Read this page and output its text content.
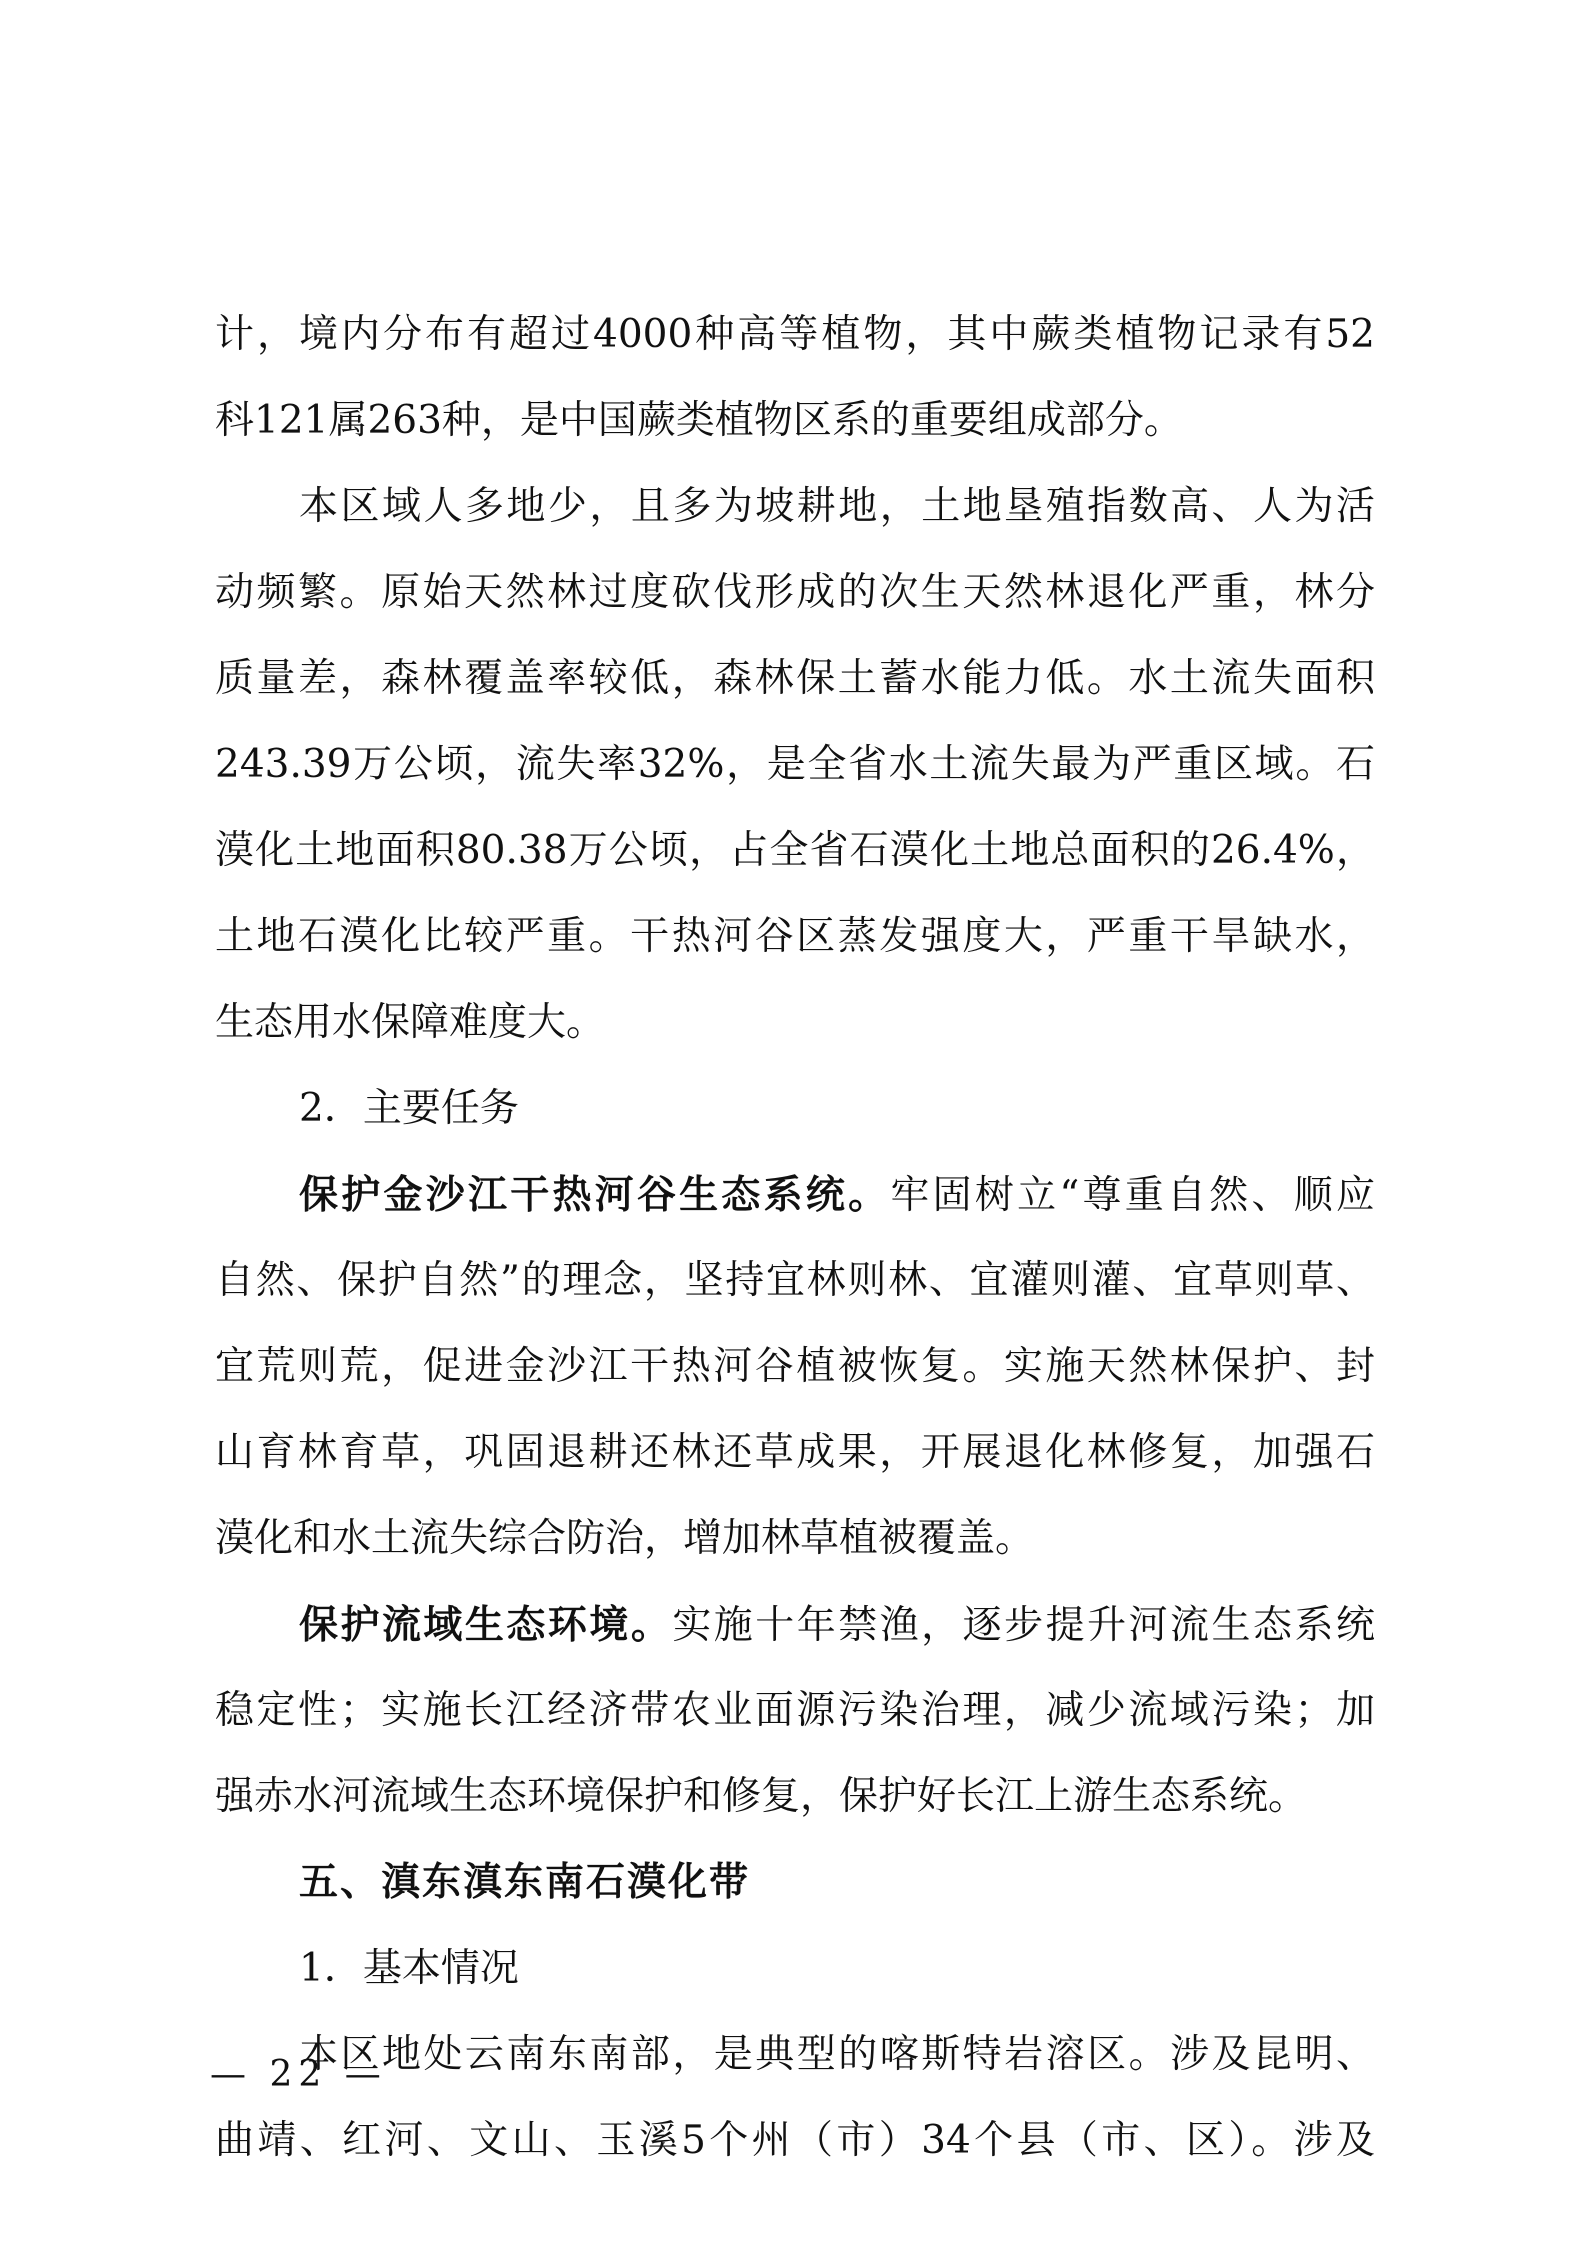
计，境内分布有超过4000种高等植物，其中蕨类植物记录有52
科121属263种，是中国蕨类植物区系的重要组成部分。
本区域人多地少，且多为坡耕地，土地垦殖指数高、人为活
动频繁。原始天然林过度砍伐形成的次生天然林退化严重，林分
质量差，森林覆盖率较低，森林保土蓄水能力低。水土流失面积
243.39万公顷，流失率32%，是全省水土流失最为严重区域。石
漠化土地面积80.38万公顷，占全省石漠化土地总面积的26.4%，
土地石漠化比较严重。干热河谷区蒸发强度大，严重干旱缺水，
生态用水保障难度大。
2．主要任务
保护金沙江干热河谷生态系统。牢固树立“尊重自然、顺应
自然、保护自然”的理念，坚持宜林则林、宜灌则灌、宜草则草、
宜荒则荒，促进金沙江干热河谷植被恢复。实施天然林保护、封
山育林育草，巩固退耕还林还草成果，开展退化林修复，加强石
漠化和水土流失综合防治，增加林草植被覆盖。
保护流域生态环境。实施十年禁渔，逐步提升河流生态系统
稳定性；实施长江经济带农业面源污染治理，减少流域污染；加
强赤水河流域生态环境保护和修复，保护好长江上游生态系统。
五、滇东滇东南石漠化带
1．基本情况
本区地处云南东南部，是典型的喀斯特岩溶区。涉及昆明、
曲靖、红河、文山、玉溪5个州（市）34个县（市、区）。涉及
— 22 —
